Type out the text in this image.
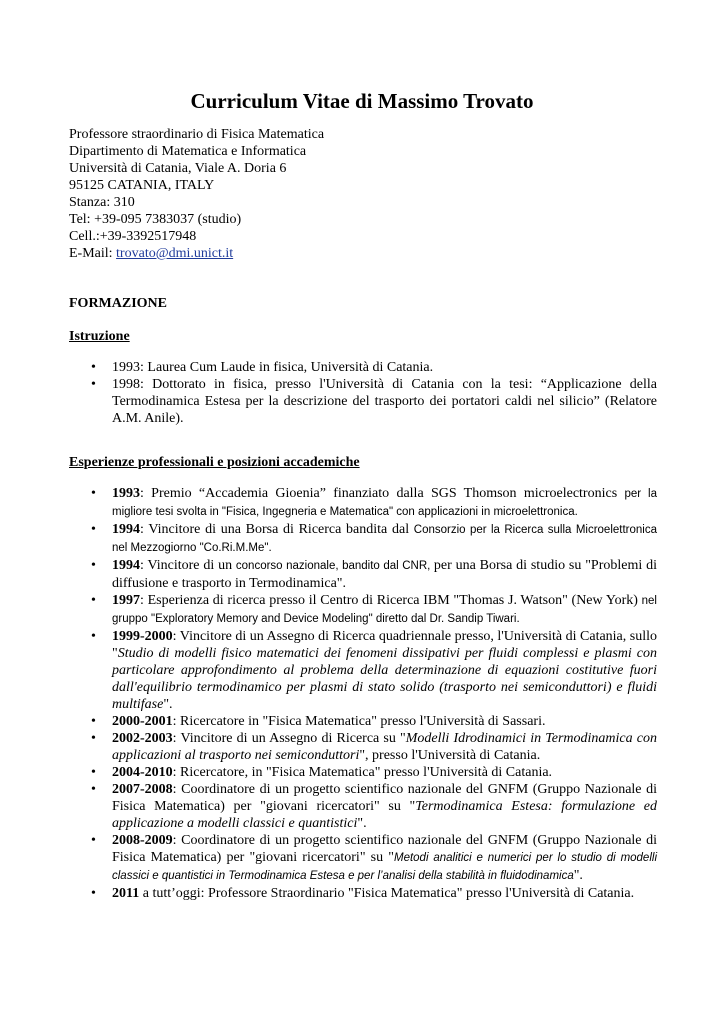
Curriculum Vitae di Massimo Trovato
Professore straordinario di Fisica Matematica
Dipartimento di Matematica e Informatica
Università di Catania, Viale A. Doria 6
95125 CATANIA, ITALY
Stanza: 310
Tel: +39-095 7383037 (studio)
Cell.:+39-3392517948
E-Mail: trovato@dmi.unict.it

FORMAZIONE

Istruzione

• 1993: Laurea Cum Laude in fisica, Università di Catania.
• 1998: Dottorato in fisica, presso l'Università di Catania con la tesi: “Applicazione della Termodinamica Estesa per la descrizione del trasporto dei portatori caldi nel silicio” (Relatore A.M. Anile).

Esperienze professionali e posizioni accademiche

• 1993: Premio “Accademia Gioenia” finanziato dalla SGS Thomson microelectronics per la migliore tesi svolta in "Fisica, Ingegneria e Matematica" con applicazioni in microelettronica.
• 1994: Vincitore di una Borsa di Ricerca bandita dal Consorzio per la Ricerca sulla Microelettronica nel Mezzogiorno "Co.Ri.M.Me".
• 1994: Vincitore di un concorso nazionale, bandito dal CNR, per una Borsa di studio su "Problemi di diffusione e trasporto in Termodinamica".
• 1997: Esperienza di ricerca presso il Centro di Ricerca IBM "Thomas J. Watson" (New York) nel gruppo "Exploratory Memory and Device Modeling" diretto dal Dr. Sandip Tiwari.
• 1999-2000: Vincitore di un Assegno di Ricerca quadriennale presso, l'Università di Catania, sullo "Studio di modelli fisico matematici dei fenomeni dissipativi per fluidi complessi e plasmi con particolare approfondimento al problema della determinazione di equazioni costitutive fuori dall'equilibrio termodinamico per plasmi di stato solido (trasporto nei semiconduttori) e fluidi multifase".
• 2000-2001: Ricercatore in "Fisica Matematica" presso l'Università di Sassari.
• 2002-2003: Vincitore di un Assegno di Ricerca su "Modelli Idrodinamici in Termodinamica con applicazioni al trasporto nei semiconduttori", presso l'Università di Catania.
• 2004-2010: Ricercatore, in "Fisica Matematica" presso l'Università di Catania.
• 2007-2008: Coordinatore di un progetto scientifico nazionale del GNFM (Gruppo Nazionale di Fisica Matematica) per "giovani ricercatori" su "Termodinamica Estesa: formulazione ed applicazione a modelli classici e quantistici".
• 2008-2009: Coordinatore di un progetto scientifico nazionale del GNFM (Gruppo Nazionale di Fisica Matematica) per "giovani ricercatori" su "Metodi analitici e numerici per lo studio di modelli classici e quantistici in Termodinamica Estesa e per l’analisi della stabilità in fluidodinamica".
• 2011 a tutt’oggi: Professore Straordinario "Fisica Matematica" presso l'Università di Catania.
